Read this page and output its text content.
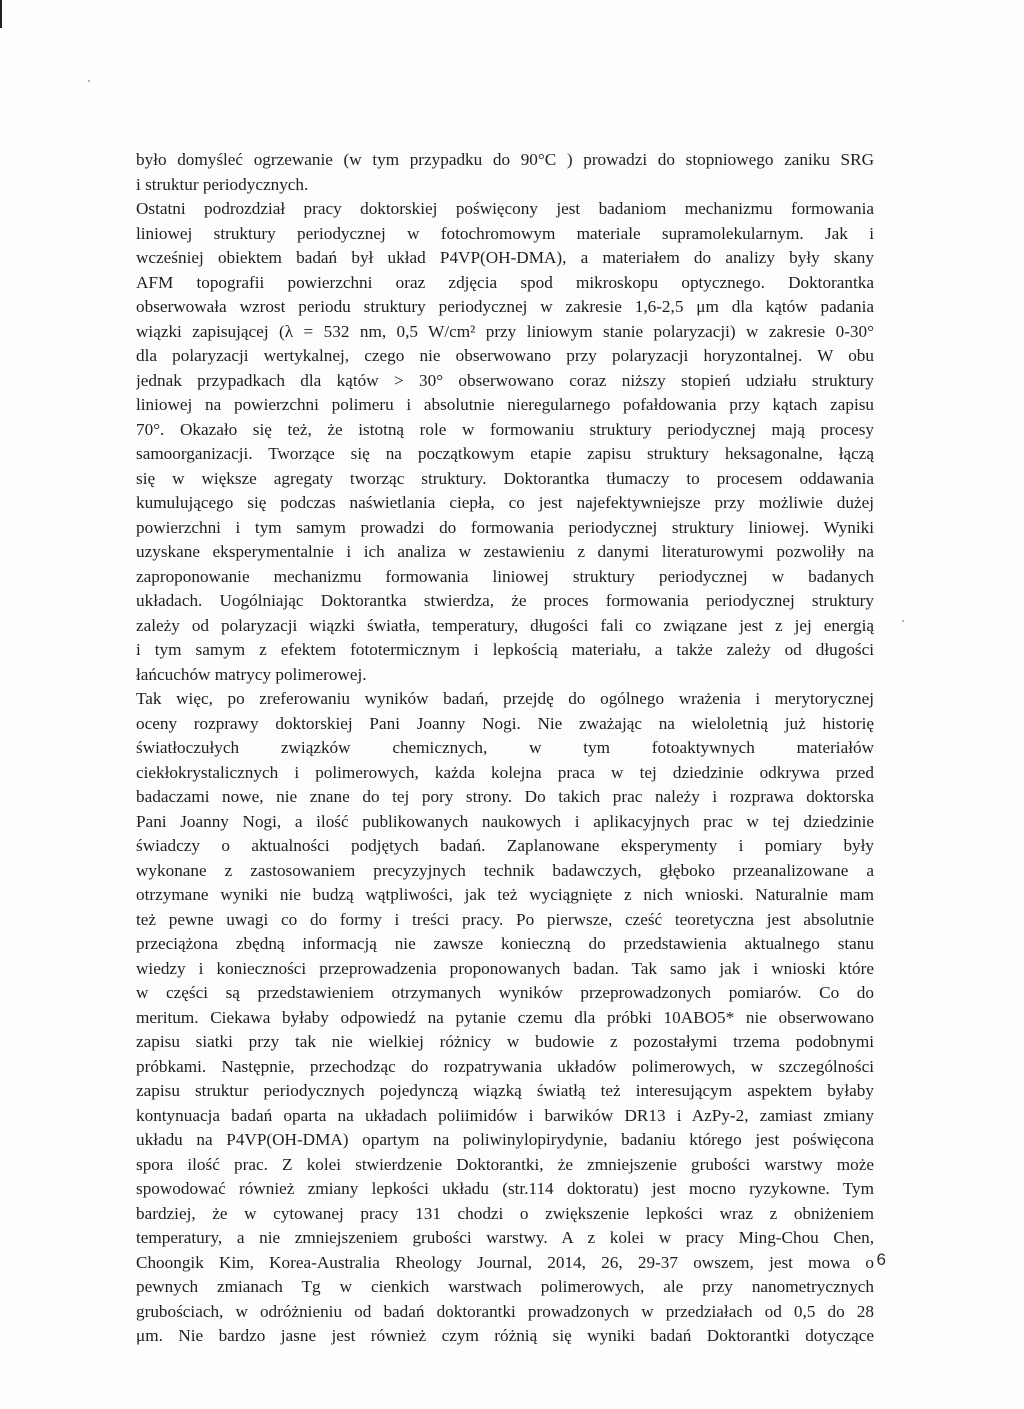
było domyśleć ogrzewanie (w tym przypadku do 90°C ) prowadzi do stopniowego zaniku SRG
i struktur periodycznych.
Ostatni podrozdział pracy doktorskiej poświęcony jest badaniom mechanizmu formowania
liniowej struktury periodycznej w fotochromowym materiale supramolekularnym. Jak i
wcześniej obiektem badań był układ P4VP(OH-DMA), a materiałem do analizy były skany
AFM topografii powierzchni oraz zdjęcia spod mikroskopu optycznego. Doktorantka
obserwowała wzrost periodu struktury periodycznej w zakresie 1,6-2,5 μm dla kątów padania
wiązki zapisującej (λ = 532 nm, 0,5 W/cm² przy liniowym stanie polaryzacji) w zakresie 0-30°
dla polaryzacji wertykalnej, czego nie obserwowano przy polaryzacji horyzontalnej. W obu
jednak przypadkach dla kątów > 30° obserwowano coraz niższy stopień udziału struktury
liniowej na powierzchni polimeru i absolutnie nieregularnego pofałdowania przy kątach zapisu
70°. Okazało się też, że istotną role w formowaniu struktury periodycznej mają procesy
samoorganizacji. Tworzące się na początkowym etapie zapisu struktury heksagonalne, łączą
się w większe agregaty tworząc struktury. Doktorantka tłumaczy to procesem oddawania
kumulującego się podczas naświetlania ciepła, co jest najefektywniejsze przy możliwie dużej
powierzchni i tym samym prowadzi do formowania periodycznej struktury liniowej. Wyniki
uzyskane eksperymentalnie i ich analiza w zestawieniu z danymi literaturowymi pozwoliły na
zaproponowanie mechanizmu formowania liniowej struktury periodycznej w badanych
układach. Uogólniając Doktorantka stwierdza, że proces formowania periodycznej struktury
zależy od polaryzacji wiązki światła, temperatury, długości fali co związane jest z jej energią
i tym samym z efektem fototermicznym i lepkością materiału, a także zależy od długości
łańcuchów matrycy polimerowej.
Tak więc, po zreferowaniu wyników badań, przejdę do ogólnego wrażenia i merytorycznej
oceny rozprawy doktorskiej Pani Joanny Nogi. Nie zważając na wieloletnią już historię
światłoczułych związków chemicznych, w tym fotoaktywnych materiałów
ciekłokrystalicznych i polimerowych, każda kolejna praca w tej dziedzinie odkrywa przed
badaczami nowe, nie znane do tej pory strony. Do takich prac należy i rozprawa doktorska
Pani Joanny Nogi, a ilość publikowanych naukowych i aplikacyjnych prac w tej dziedzinie
świadczy o aktualności podjętych badań. Zaplanowane eksperymenty i pomiary były
wykonane z zastosowaniem precyzyjnych technik badawczych, głęboko przeanalizowane a
otrzymane wyniki nie budzą wątpliwości, jak też wyciągnięte z nich wnioski. Naturalnie mam
też pewne uwagi co do formy i treści pracy. Po pierwsze, cześć teoretyczna jest absolutnie
przeciążona zbędną informacją nie zawsze konieczną do przedstawienia aktualnego stanu
wiedzy i konieczności przeprowadzenia proponowanych badan. Tak samo jak i wnioski które
w części są przedstawieniem otrzymanych wyników przeprowadzonych pomiarów. Co do
meritum. Ciekawa byłaby odpowiedź na pytanie czemu dla próbki 10ABO5* nie obserwowano
zapisu siatki przy tak nie wielkiej różnicy w budowie z pozostałymi trzema podobnymi
próbkami. Następnie, przechodząc do rozpatrywania układów polimerowych, w szczególności
zapisu struktur periodycznych pojedynczą wiązką światłą też interesującym aspektem byłaby
kontynuacja badań oparta na układach poliimidów i barwików DR13 i AzPy-2, zamiast zmiany
układu na P4VP(OH-DMA) opartym na poliwinylopirydynie, badaniu którego jest poświęcona
spora ilość prac. Z kolei stwierdzenie Doktorantki, że zmniejszenie grubości warstwy może
spowodować również zmiany lepkości układu (str.114 doktoratu) jest mocno ryzykowne. Tym
bardziej, że w cytowanej pracy 131 chodzi o zwiększenie lepkości wraz z obniżeniem
temperatury, a nie zmniejszeniem grubości warstwy. A z kolei w pracy Ming-Chou Chen,
Choongik Kim, Korea-Australia Rheology Journal, 2014, 26, 29-37 owszem, jest mowa o
pewnych zmianach Tg w cienkich warstwach polimerowych, ale przy nanometrycznych
grubościach, w odróżnieniu od badań doktorantki prowadzonych w przedziałach od 0,5 do 28
μm. Nie bardzo jasne jest również czym różnią się wyniki badań Doktorantki dotyczące
6
